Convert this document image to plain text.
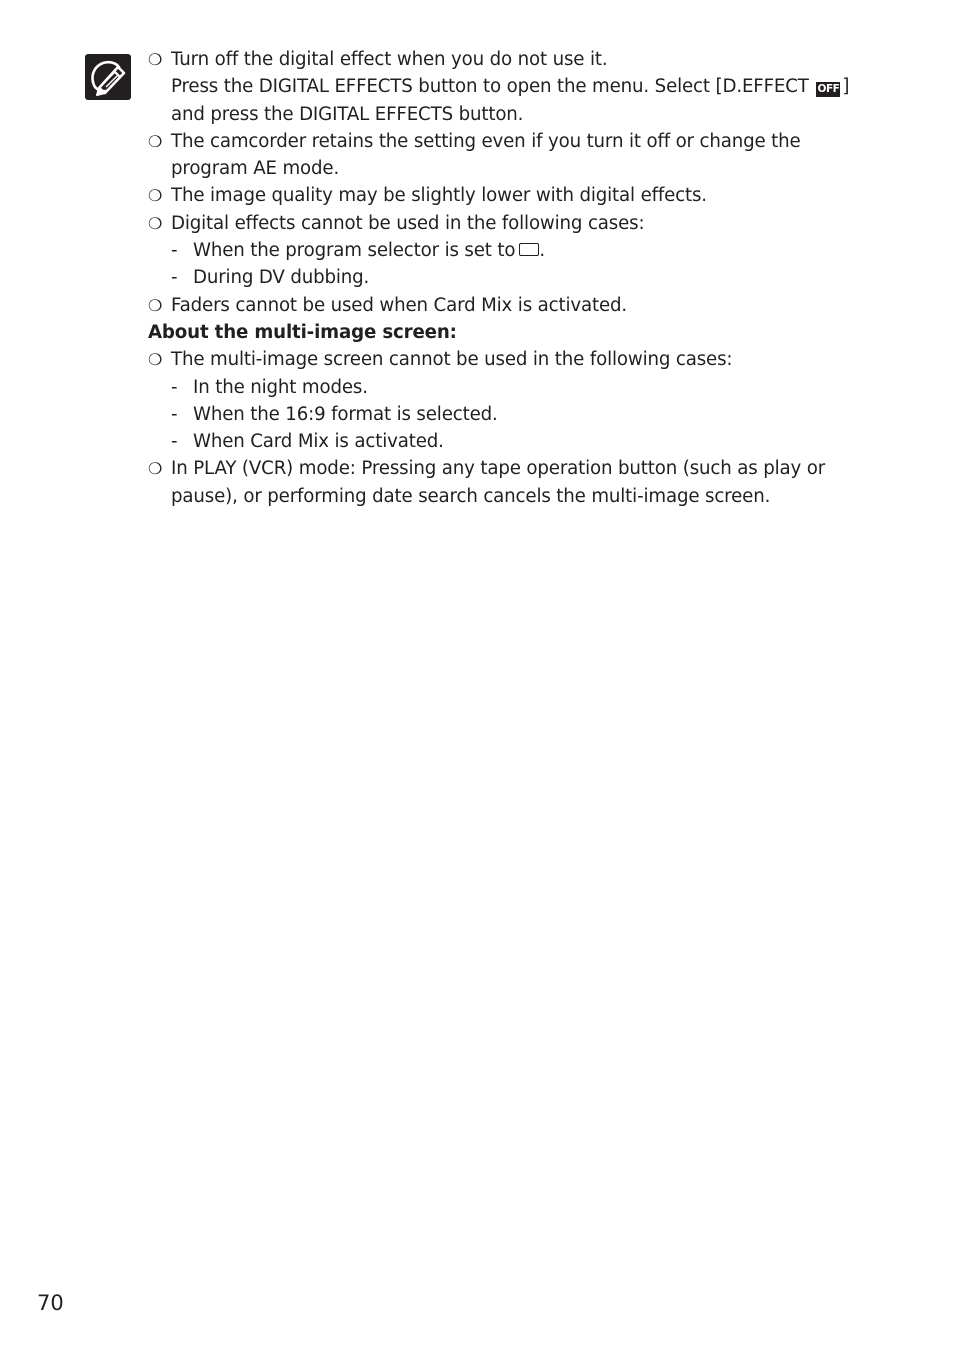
❍ Turn off the digital effect when you do not use it.
Press the DIGITAL EFFECTS button to open the menu. Select [D.EFFECT OFF ]
and press the DIGITAL EFFECTS button.
❍ The camcorder retains the setting even if you turn it off or change the program AE mode.
❍ The image quality may be slightly lower with digital effects.
❍ Digital effects cannot be used in the following cases:
- When the program selector is set to .
- During DV dubbing.
❍ Faders cannot be used when Card Mix is activated.
About the multi-image screen:
❍ The multi-image screen cannot be used in the following cases:
- In the night modes.
- When the 16:9 format is selected.
- When Card Mix is activated.
❍ In PLAY (VCR) mode: Pressing any tape operation button (such as play or pause), or performing date search cancels the multi-image screen.
70
